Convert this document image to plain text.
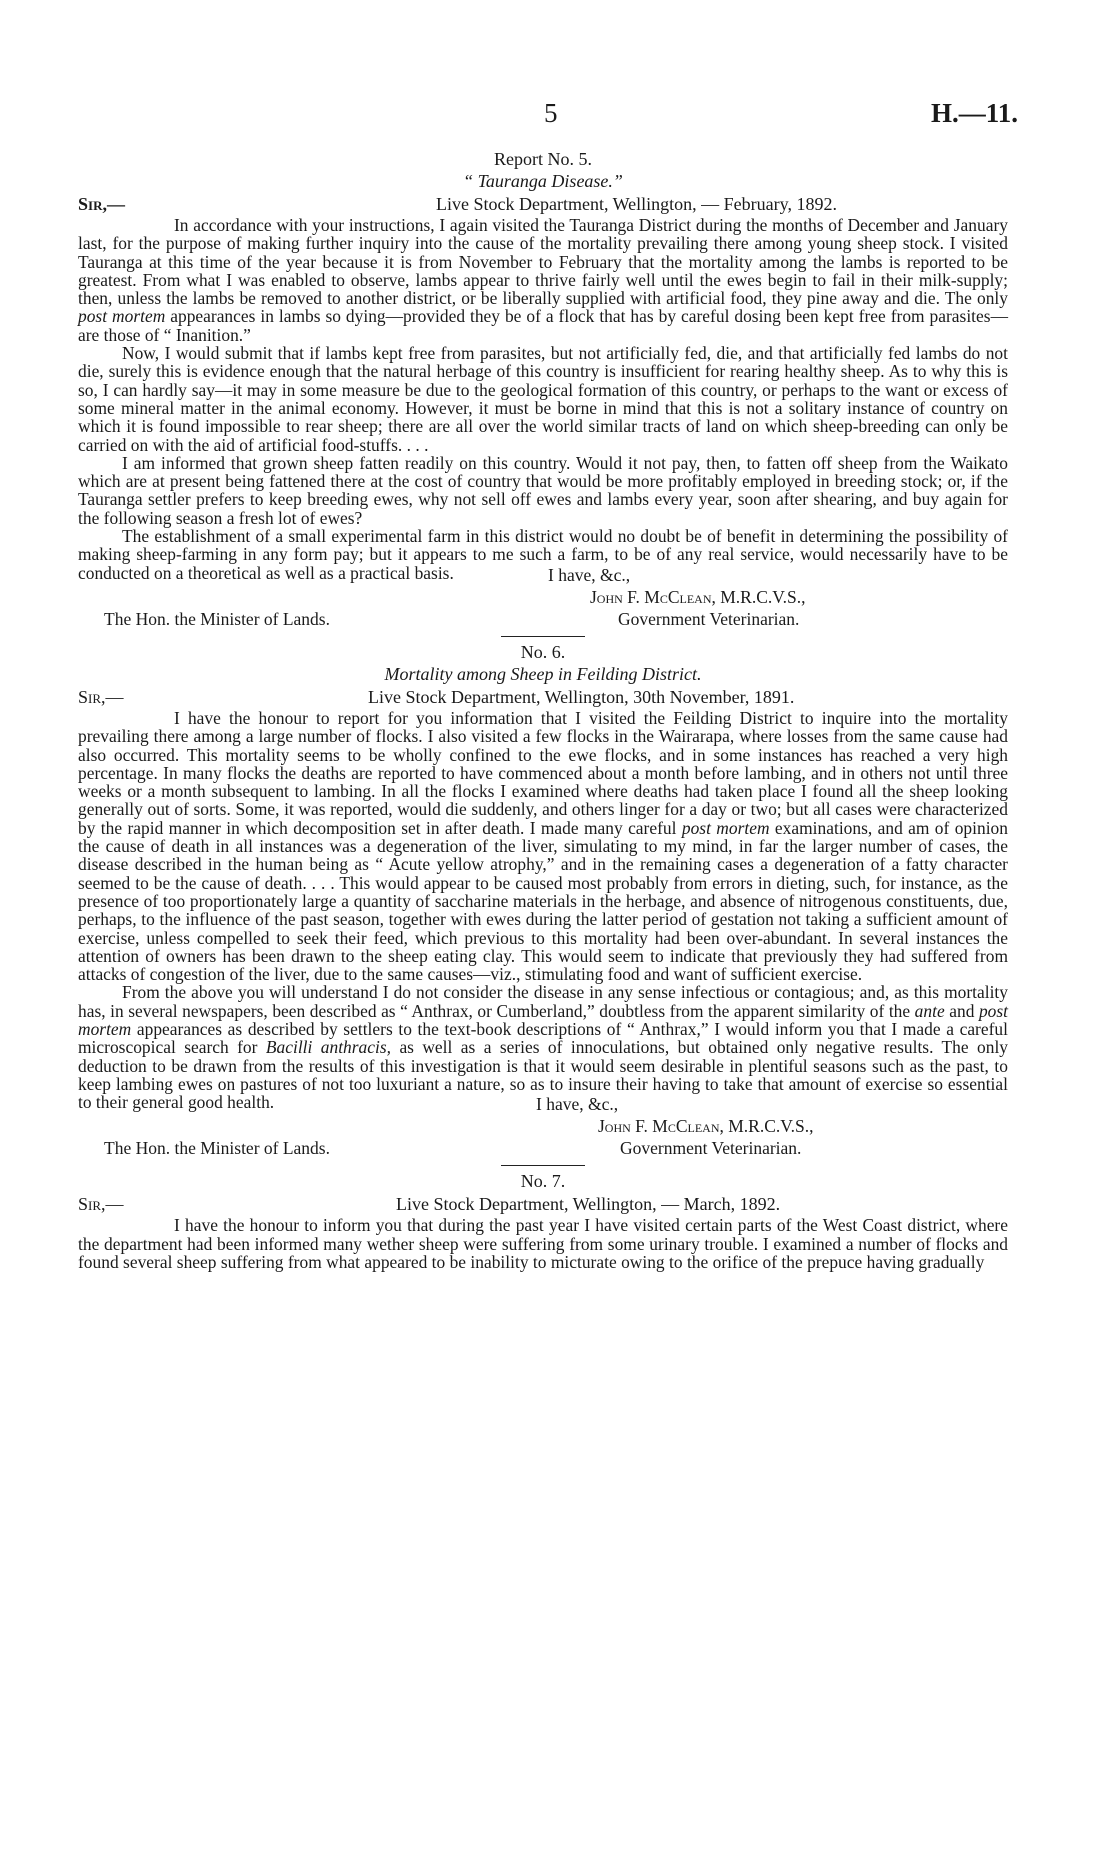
5	H.—11.
Report No. 5.
“ Tauranga Disease.”
Sir,—	Live Stock Department, Wellington, — February, 1892.

In accordance with your instructions, I again visited the Tauranga District during the months of December and January last, for the purpose of making further inquiry into the cause of the mortality prevailing there among young sheep stock. I visited Tauranga at this time of the year because it is from November to February that the mortality among the lambs is reported to be greatest. From what I was enabled to observe, lambs appear to thrive fairly well until the ewes begin to fail in their milk-supply; then, unless the lambs be removed to another district, or be liberally supplied with artificial food, they pine away and die. The only post mortem appearances in lambs so dying—provided they be of a flock that has by careful dosing been kept free from parasites—are those of “ Inanition.”

Now, I would submit that if lambs kept free from parasites, but not artificially fed, die, and that artificially fed lambs do not die, surely this is evidence enough that the natural herbage of this country is insufficient for rearing healthy sheep. As to why this is so, I can hardly say—it may in some measure be due to the geological formation of this country, or perhaps to the want or excess of some mineral matter in the animal economy. However, it must be borne in mind that this is not a solitary instance of country on which it is found impossible to rear sheep; there are all over the world similar tracts of land on which sheep-breeding can only be carried on with the aid of artificial food-stuffs. . . .

I am informed that grown sheep fatten readily on this country. Would it not pay, then, to fatten off sheep from the Waikato which are at present being fattened there at the cost of country that would be more profitably employed in breeding stock; or, if the Tauranga settler prefers to keep breeding ewes, why not sell off ewes and lambs every year, soon after shearing, and buy again for the following season a fresh lot of ewes?

The establishment of a small experimental farm in this district would no doubt be of benefit in determining the possibility of making sheep-farming in any form pay; but it appears to me such a farm, to be of any real service, would necessarily have to be conducted on a theoretical as well as a practical basis.	I have, &c.,
John F. McClean, M.R.C.V.S.,
The Hon. the Minister of Lands.	Government Veterinarian.
No. 6.
Mortality among Sheep in Feilding District.
Sir,—	Live Stock Department, Wellington, 30th November, 1891.

I have the honour to report for you information that I visited the Feilding District to inquire into the mortality prevailing there among a large number of flocks. I also visited a few flocks in the Wairarapa, where losses from the same cause had also occurred. This mortality seems to be wholly confined to the ewe flocks, and in some instances has reached a very high percentage. In many flocks the deaths are reported to have commenced about a month before lambing, and in others not until three weeks or a month subsequent to lambing. In all the flocks I examined where deaths had taken place I found all the sheep looking generally out of sorts. Some, it was reported, would die suddenly, and others linger for a day or two; but all cases were characterized by the rapid manner in which decomposition set in after death. I made many careful post mortem examinations, and am of opinion the cause of death in all instances was a degeneration of the liver, simulating to my mind, in far the larger number of cases, the disease described in the human being as “ Acute yellow atrophy,” and in the remaining cases a degeneration of a fatty character seemed to be the cause of death. . . . This would appear to be caused most probably from errors in dieting, such, for instance, as the presence of too proportionately large a quantity of saccharine materials in the herbage, and absence of nitrogenous constituents, due, perhaps, to the influence of the past season, together with ewes during the latter period of gestation not taking a sufficient amount of exercise, unless compelled to seek their feed, which previous to this mortality had been over-abundant. In several instances the attention of owners has been drawn to the sheep eating clay. This would seem to indicate that previously they had suffered from attacks of congestion of the liver, due to the same causes—viz., stimulating food and want of sufficient exercise.

From the above you will understand I do not consider the disease in any sense infectious or contagious; and, as this mortality has, in several newspapers, been described as “ Anthrax, or Cumberland,” doubtless from the apparent similarity of the ante and post mortem appearances as described by settlers to the text-book descriptions of “ Anthrax,” I would inform you that I made a careful microscopical search for Bacilli anthracis, as well as a series of innoculations, but obtained only negative results. The only deduction to be drawn from the results of this investigation is that it would seem desirable in plentiful seasons such as the past, to keep lambing ewes on pastures of not too luxuriant a nature, so as to insure their having to take that amount of exercise so essential to their general good health.	I have, &c.,
John F. McClean, M.R.C.V.S.,
The Hon. the Minister of Lands.	Government Veterinarian.
No. 7.
Sir,—	Live Stock Department, Wellington, — March, 1892.

I have the honour to inform you that during the past year I have visited certain parts of the West Coast district, where the department had been informed many wether sheep were suffering from some urinary trouble. I examined a number of flocks and found several sheep suffering from what appeared to be inability to micturate owing to the orifice of the prepuce having gradually
